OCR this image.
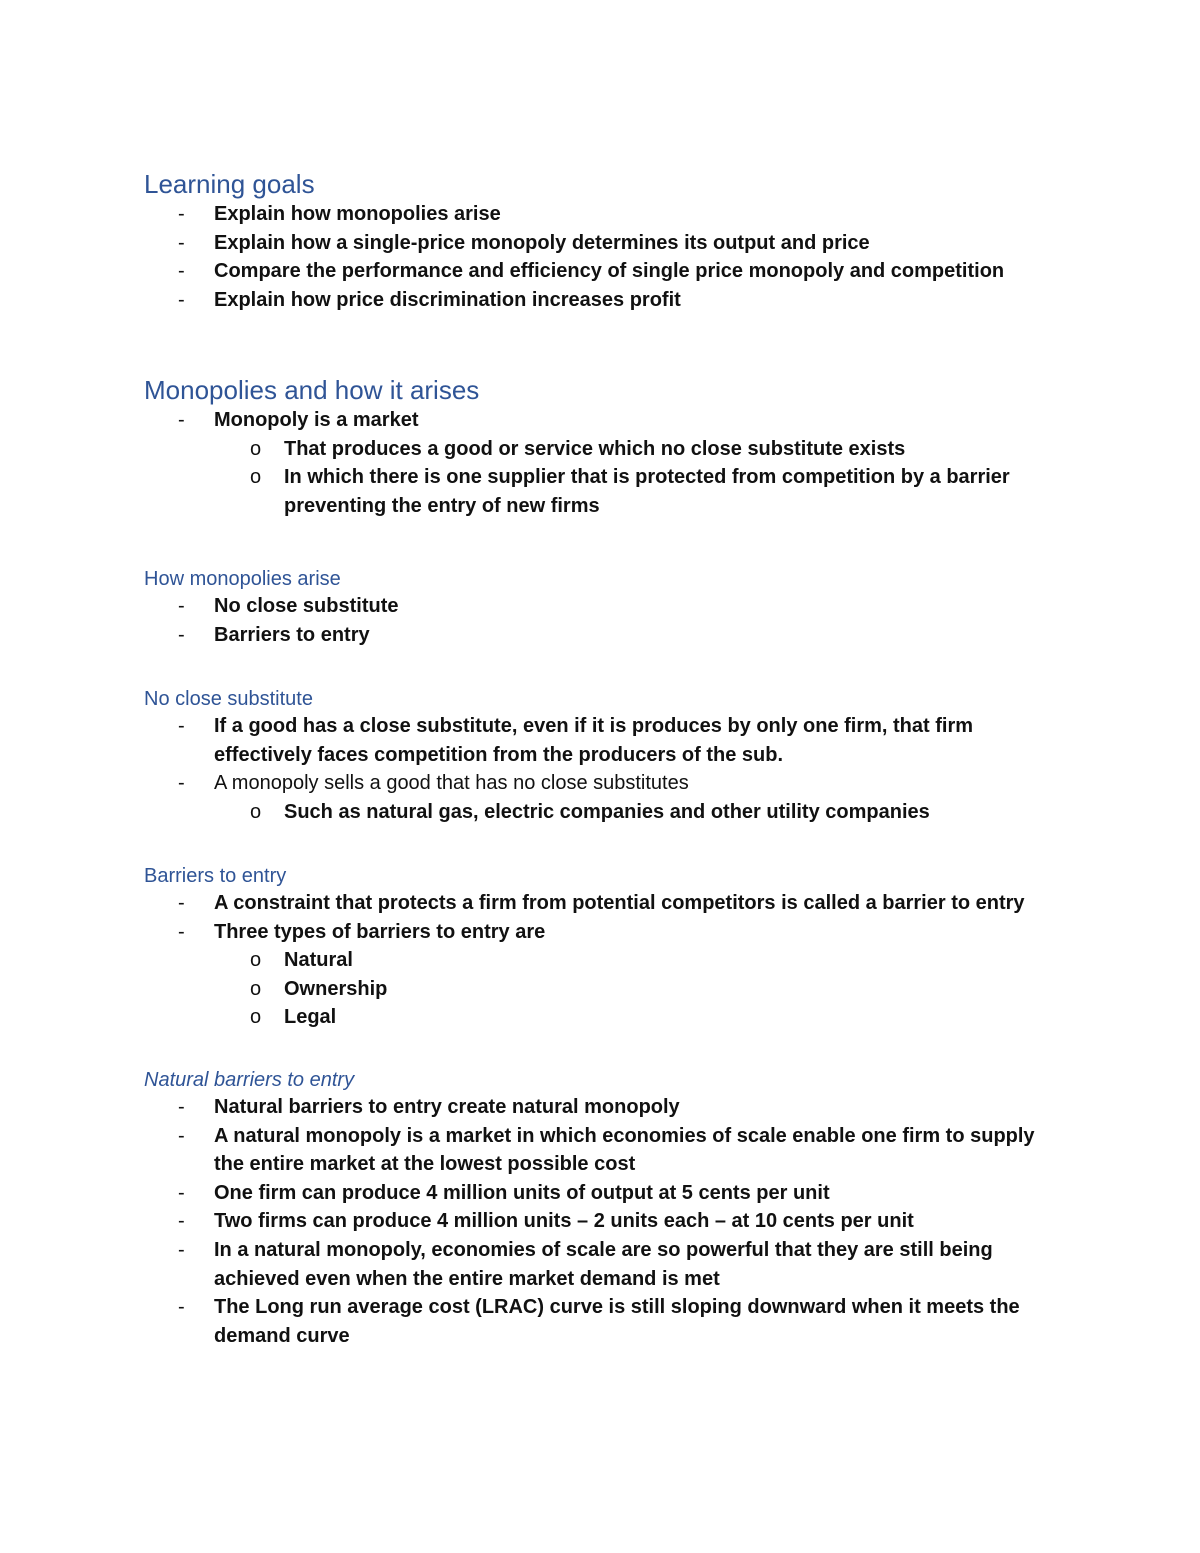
Learning goals
- Explain how monopolies arise
- Explain how a single-price monopoly determines its output and price
- Compare the performance and efficiency of single price monopoly and competition
- Explain how price discrimination increases profit
Monopolies and how it arises
- Monopoly is a market
o That produces a good or service which no close substitute exists
o In which there is one supplier that is protected from competition by a barrier preventing the entry of new firms
How monopolies arise
- No close substitute
- Barriers to entry
No close substitute
- If a good has a close substitute, even if it is produces by only one firm, that firm effectively faces competition from the producers of the sub.
- A monopoly sells a good that has no close substitutes
o Such as natural gas, electric companies and other utility companies
Barriers to entry
- A constraint that protects a firm from potential competitors is called a barrier to entry
- Three types of barriers to entry are
o Natural
o Ownership
o Legal
Natural barriers to entry
- Natural barriers to entry create natural monopoly
- A natural monopoly is a market in which economies of scale enable one firm to supply the entire market at the lowest possible cost
- One firm can produce 4 million units of output at 5 cents per unit
- Two firms can produce 4 million units – 2 units each – at 10 cents per unit
- In a natural monopoly, economies of scale are so powerful that they are still being achieved even when the entire market demand is met
- The Long run average cost (LRAC) curve is still sloping downward when it meets the demand curve
